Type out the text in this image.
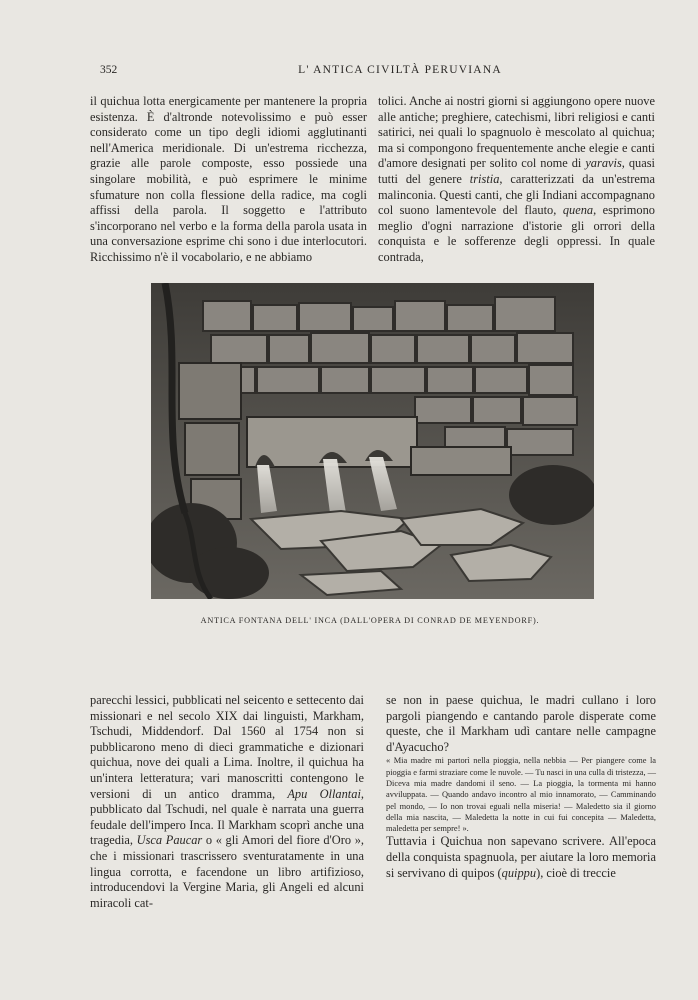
352	L' ANTICA CIVILTÀ PERUVIANA

il quichua lotta energicamente per mantenere la propria esistenza. È d'altronde notevolissimo e può esser considerato come un tipo degli idiomi agglutinanti nell'America meridionale. Di un'estrema ricchezza, grazie alle parole composte, esso possiede una singolare mobilità, e può esprimere le minime sfumature non colla flessione della radice, ma cogli affissi della parola. Il soggetto e l'attributo s'incorporano nel verbo e la forma della parola usata in una conversazione esprime chi sono i due interlocutori. Ricchissimo n'è il vocabolario, e ne abbiamo

tolici. Anche ai nostri giorni si aggiungono opere nuove alle antiche; preghiere, catechismi, libri religiosi e canti satirici, nei quali lo spagnuolo è mescolato al quichua; ma si compongono frequentemente anche elegie e canti d'amore designati per solito col nome di yaravis, quasi tutti del genere tristia, caratterizzati da un'estrema malinconia. Questi canti, che gli Indiani accompagnano col suono lamentevole del flauto, quena, esprimono meglio d'ogni narrazione d'istorie gli orrori della conquista e le sofferenze degli oppressi. In quale contrada,

ANTICA FONTANA DELL' INCA (DALL'OPERA DI CONRAD DE MEYENDORF).

parecchi lessici, pubblicati nel seicento e settecento dai missionari e nel secolo XIX dai linguisti, Markham, Tschudi, Middendorf. Dal 1560 al 1754 non si pubblicarono meno di dieci grammatiche e dizionari quichua, nove dei quali a Lima. Inoltre, il quichua ha un'intera letteratura; vari manoscritti contengono le versioni di un antico dramma, Apu Ollantai, pubblicato dal Tschudi, nel quale è narrata una guerra feudale dell'impero Inca. Il Markham scoprì anche una tragedia, Usca Paucar o « gli Amori del fiore d'Oro », che i missionari trascrissero sventuratamente in una lingua corrotta, e facendone un libro artifizioso, introducendovi la Vergine Maria, gli Angeli ed alcuni miracoli cat-

se non in paese quichua, le madri cullano i loro pargoli piangendo e cantando parole disperate come queste, che il Markham udì cantare nelle campagne d'Ayacucho?

« Mia madre mi partorì nella pioggia, nella nebbia — Per piangere come la pioggia e farmi straziare come le nuvole. — Tu nasci in una culla di tristezza, — Diceva mia madre dandomi il seno. — La pioggia, la tormenta mi hanno avviluppata. — Quando andavo incontro al mio innamorato, — Camminando pel mondo, — Io non trovai eguali nella miseria! — Maledetto sia il giorno della mia nascita, — Maledetta la notte in cui fui concepita — Maledetta, maledetta per sempre! ».

Tuttavia i Quichua non sapevano scrivere. All'epoca della conquista spagnuola, per aiutare la loro memoria si servivano di quipos (quippu), cioè di treccie
